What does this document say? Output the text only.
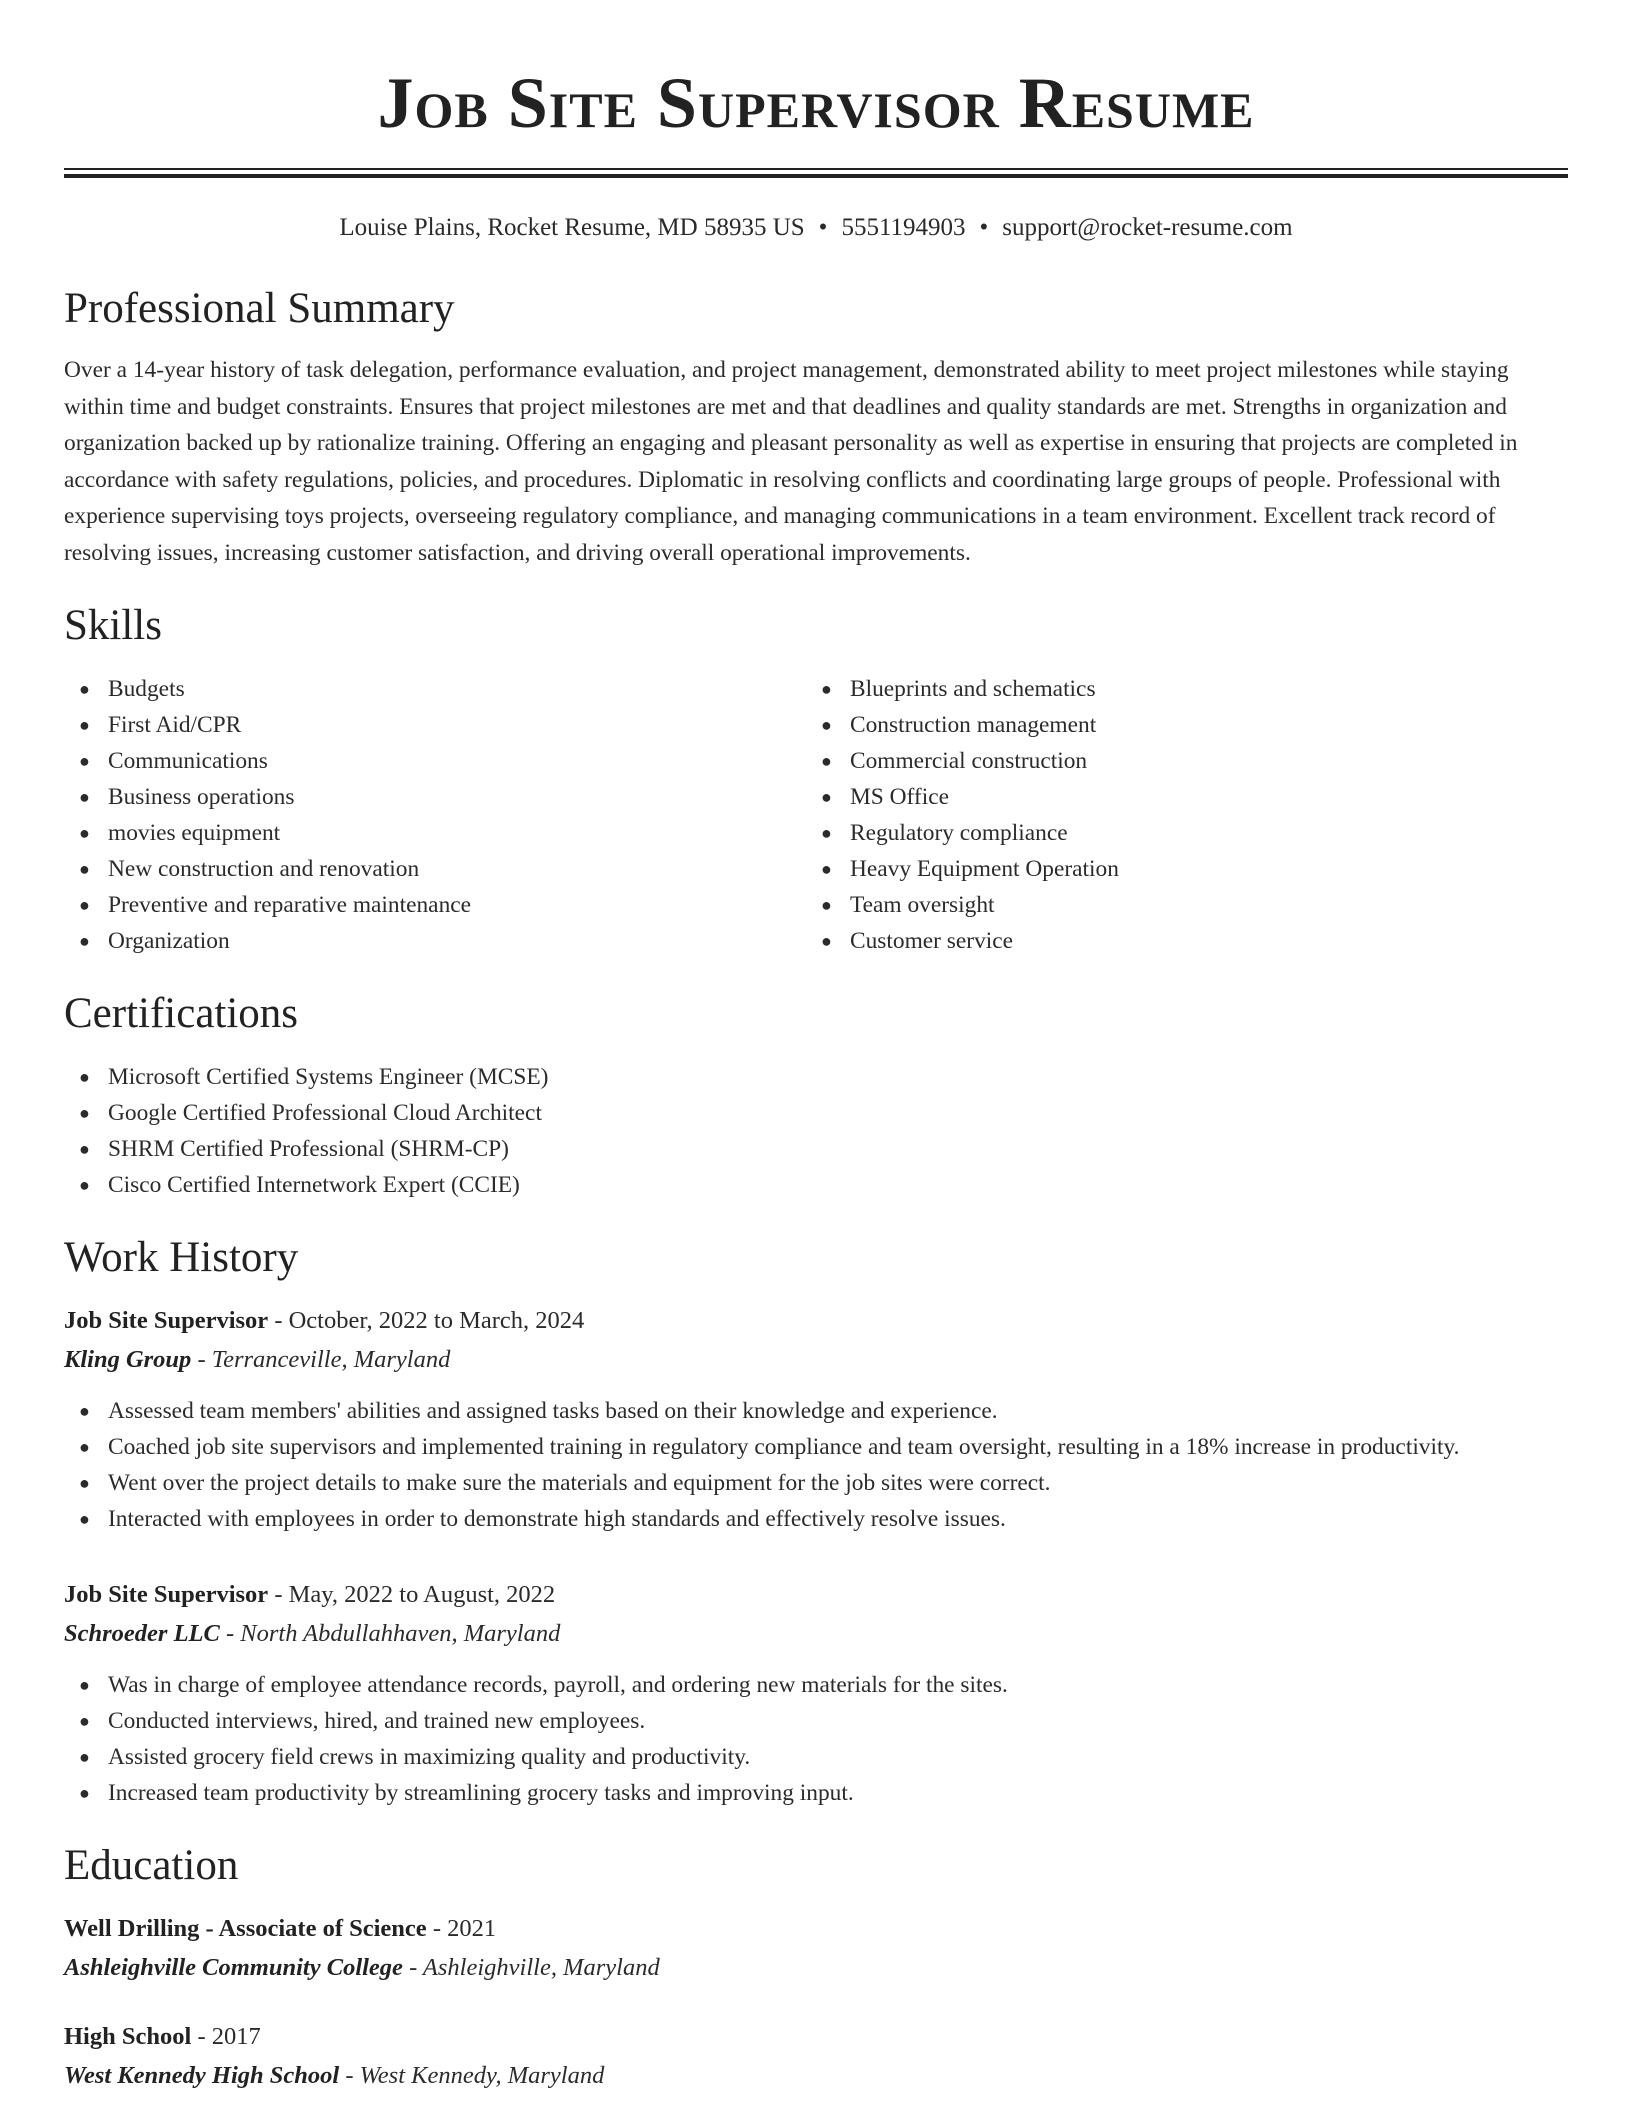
Job Site Supervisor Resume
Louise Plains, Rocket Resume, MD 58935 US • 5551194903 • support@rocket-resume.com
Professional Summary
Over a 14-year history of task delegation, performance evaluation, and project management, demonstrated ability to meet project milestones while staying within time and budget constraints. Ensures that project milestones are met and that deadlines and quality standards are met. Strengths in organization and organization backed up by rationalize training. Offering an engaging and pleasant personality as well as expertise in ensuring that projects are completed in accordance with safety regulations, policies, and procedures. Diplomatic in resolving conflicts and coordinating large groups of people. Professional with experience supervising toys projects, overseeing regulatory compliance, and managing communications in a team environment. Excellent track record of resolving issues, increasing customer satisfaction, and driving overall operational improvements.
Skills
● Budgets
● First Aid/CPR
● Communications
● Business operations
● movies equipment
● New construction and renovation
● Preventive and reparative maintenance
● Organization
● Blueprints and schematics
● Construction management
● Commercial construction
● MS Office
● Regulatory compliance
● Heavy Equipment Operation
● Team oversight
● Customer service
Certifications
● Microsoft Certified Systems Engineer (MCSE)
● Google Certified Professional Cloud Architect
● SHRM Certified Professional (SHRM-CP)
● Cisco Certified Internetwork Expert (CCIE)
Work History
Job Site Supervisor - October, 2022 to March, 2024
Kling Group - Terranceville, Maryland
● Assessed team members' abilities and assigned tasks based on their knowledge and experience.
● Coached job site supervisors and implemented training in regulatory compliance and team oversight, resulting in a 18% increase in productivity.
● Went over the project details to make sure the materials and equipment for the job sites were correct.
● Interacted with employees in order to demonstrate high standards and effectively resolve issues.
Job Site Supervisor - May, 2022 to August, 2022
Schroeder LLC - North Abdullahhaven, Maryland
● Was in charge of employee attendance records, payroll, and ordering new materials for the sites.
● Conducted interviews, hired, and trained new employees.
● Assisted grocery field crews in maximizing quality and productivity.
● Increased team productivity by streamlining grocery tasks and improving input.
Education
Well Drilling - Associate of Science - 2021
Ashleighville Community College - Ashleighville, Maryland
High School - 2017
West Kennedy High School - West Kennedy, Maryland
